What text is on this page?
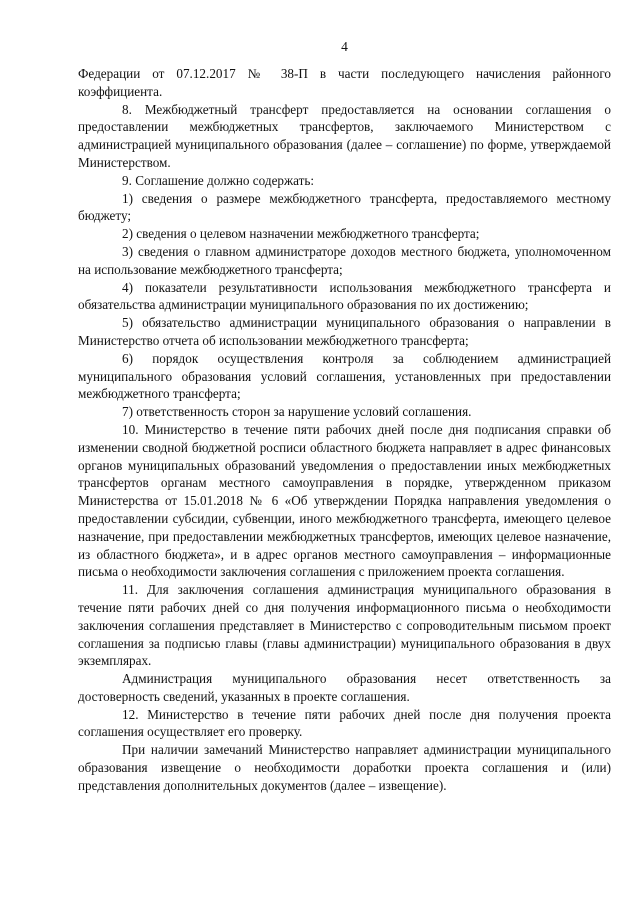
4

Федерации от 07.12.2017 № 38-П в части последующего начисления районного коэффициента.

8. Межбюджетный трансферт предоставляется на основании соглашения о предоставлении межбюджетных трансфертов, заключаемого Министерством с администрацией муниципального образования (далее – соглашение) по форме, утверждаемой Министерством.

9. Соглашение должно содержать:

1) сведения о размере межбюджетного трансферта, предоставляемого местному бюджету;

2) сведения о целевом назначении межбюджетного трансферта;

3) сведения о главном администраторе доходов местного бюджета, уполномоченном на использование межбюджетного трансферта;

4) показатели результативности использования межбюджетного трансферта и обязательства администрации муниципального образования по их достижению;

5) обязательство администрации муниципального образования о направлении в Министерство отчета об использовании межбюджетного трансферта;

6) порядок осуществления контроля за соблюдением администрацией муниципального образования условий соглашения, установленных при предоставлении межбюджетного трансферта;

7) ответственность сторон за нарушение условий соглашения.

10. Министерство в течение пяти рабочих дней после дня подписания справки об изменении сводной бюджетной росписи областного бюджета направляет в адрес финансовых органов муниципальных образований уведомления о предоставлении иных межбюджетных трансфертов органам местного самоуправления в порядке, утвержденном приказом Министерства от 15.01.2018 № 6 «Об утверждении Порядка направления уведомления о предоставлении субсидии, субвенции, иного межбюджетного трансферта, имеющего целевое назначение, при предоставлении межбюджетных трансфертов, имеющих целевое назначение, из областного бюджета», и в адрес органов местного самоуправления – информационные письма о необходимости заключения соглашения с приложением проекта соглашения.

11. Для заключения соглашения администрация муниципального образования в течение пяти рабочих дней со дня получения информационного письма о необходимости заключения соглашения представляет в Министерство с сопроводительным письмом проект соглашения за подписью главы (главы администрации) муниципального образования в двух экземплярах.

Администрация муниципального образования несет ответственность за достоверность сведений, указанных в проекте соглашения.

12. Министерство в течение пяти рабочих дней после дня получения проекта соглашения осуществляет его проверку.

При наличии замечаний Министерство направляет администрации муниципального образования извещение о необходимости доработки проекта соглашения и (или) представления дополнительных документов (далее – извещение).
